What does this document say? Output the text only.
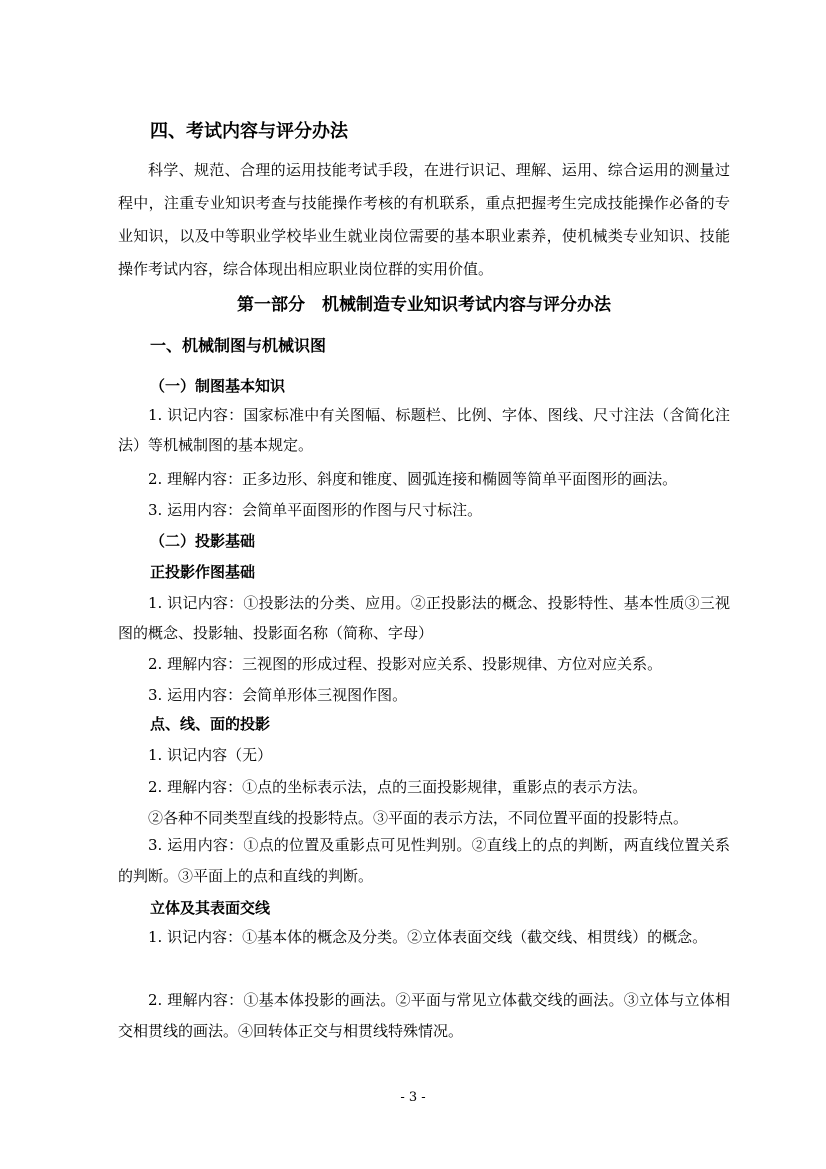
四、考试内容与评分办法
科学、规范、合理的运用技能考试手段，在进行识记、理解、运用、综合运用的测量过程中，注重专业知识考查与技能操作考核的有机联系，重点把握考生完成技能操作必备的专业知识，以及中等职业学校毕业生就业岗位需要的基本职业素养，使机械类专业知识、技能操作考试内容，综合体现出相应职业岗位群的实用价值。
第一部分　机械制造专业知识考试内容与评分办法
一、机械制图与机械识图
（一）制图基本知识
1. 识记内容：国家标准中有关图幅、标题栏、比例、字体、图线、尺寸注法（含简化注法）等机械制图的基本规定。
2. 理解内容：正多边形、斜度和锥度、圆弧连接和椭圆等简单平面图形的画法。
3. 运用内容：会简单平面图形的作图与尺寸标注。
（二）投影基础
正投影作图基础
1. 识记内容：①投影法的分类、应用。②正投影法的概念、投影特性、基本性质③三视图的概念、投影轴、投影面名称（简称、字母）
2. 理解内容：三视图的形成过程、投影对应关系、投影规律、方位对应关系。
3. 运用内容：会简单形体三视图作图。
点、线、面的投影
1. 识记内容（无）
2. 理解内容：①点的坐标表示法，点的三面投影规律，重影点的表示方法。
②各种不同类型直线的投影特点。③平面的表示方法，不同位置平面的投影特点。
3. 运用内容：①点的位置及重影点可见性判别。②直线上的点的判断，两直线位置关系的判断。③平面上的点和直线的判断。
立体及其表面交线
1. 识记内容：①基本体的概念及分类。②立体表面交线（截交线、相贯线）的概念。
2. 理解内容：①基本体投影的画法。②平面与常见立体截交线的画法。③立体与立体相交相贯线的画法。④回转体正交与相贯线特殊情况。
- 3 -
